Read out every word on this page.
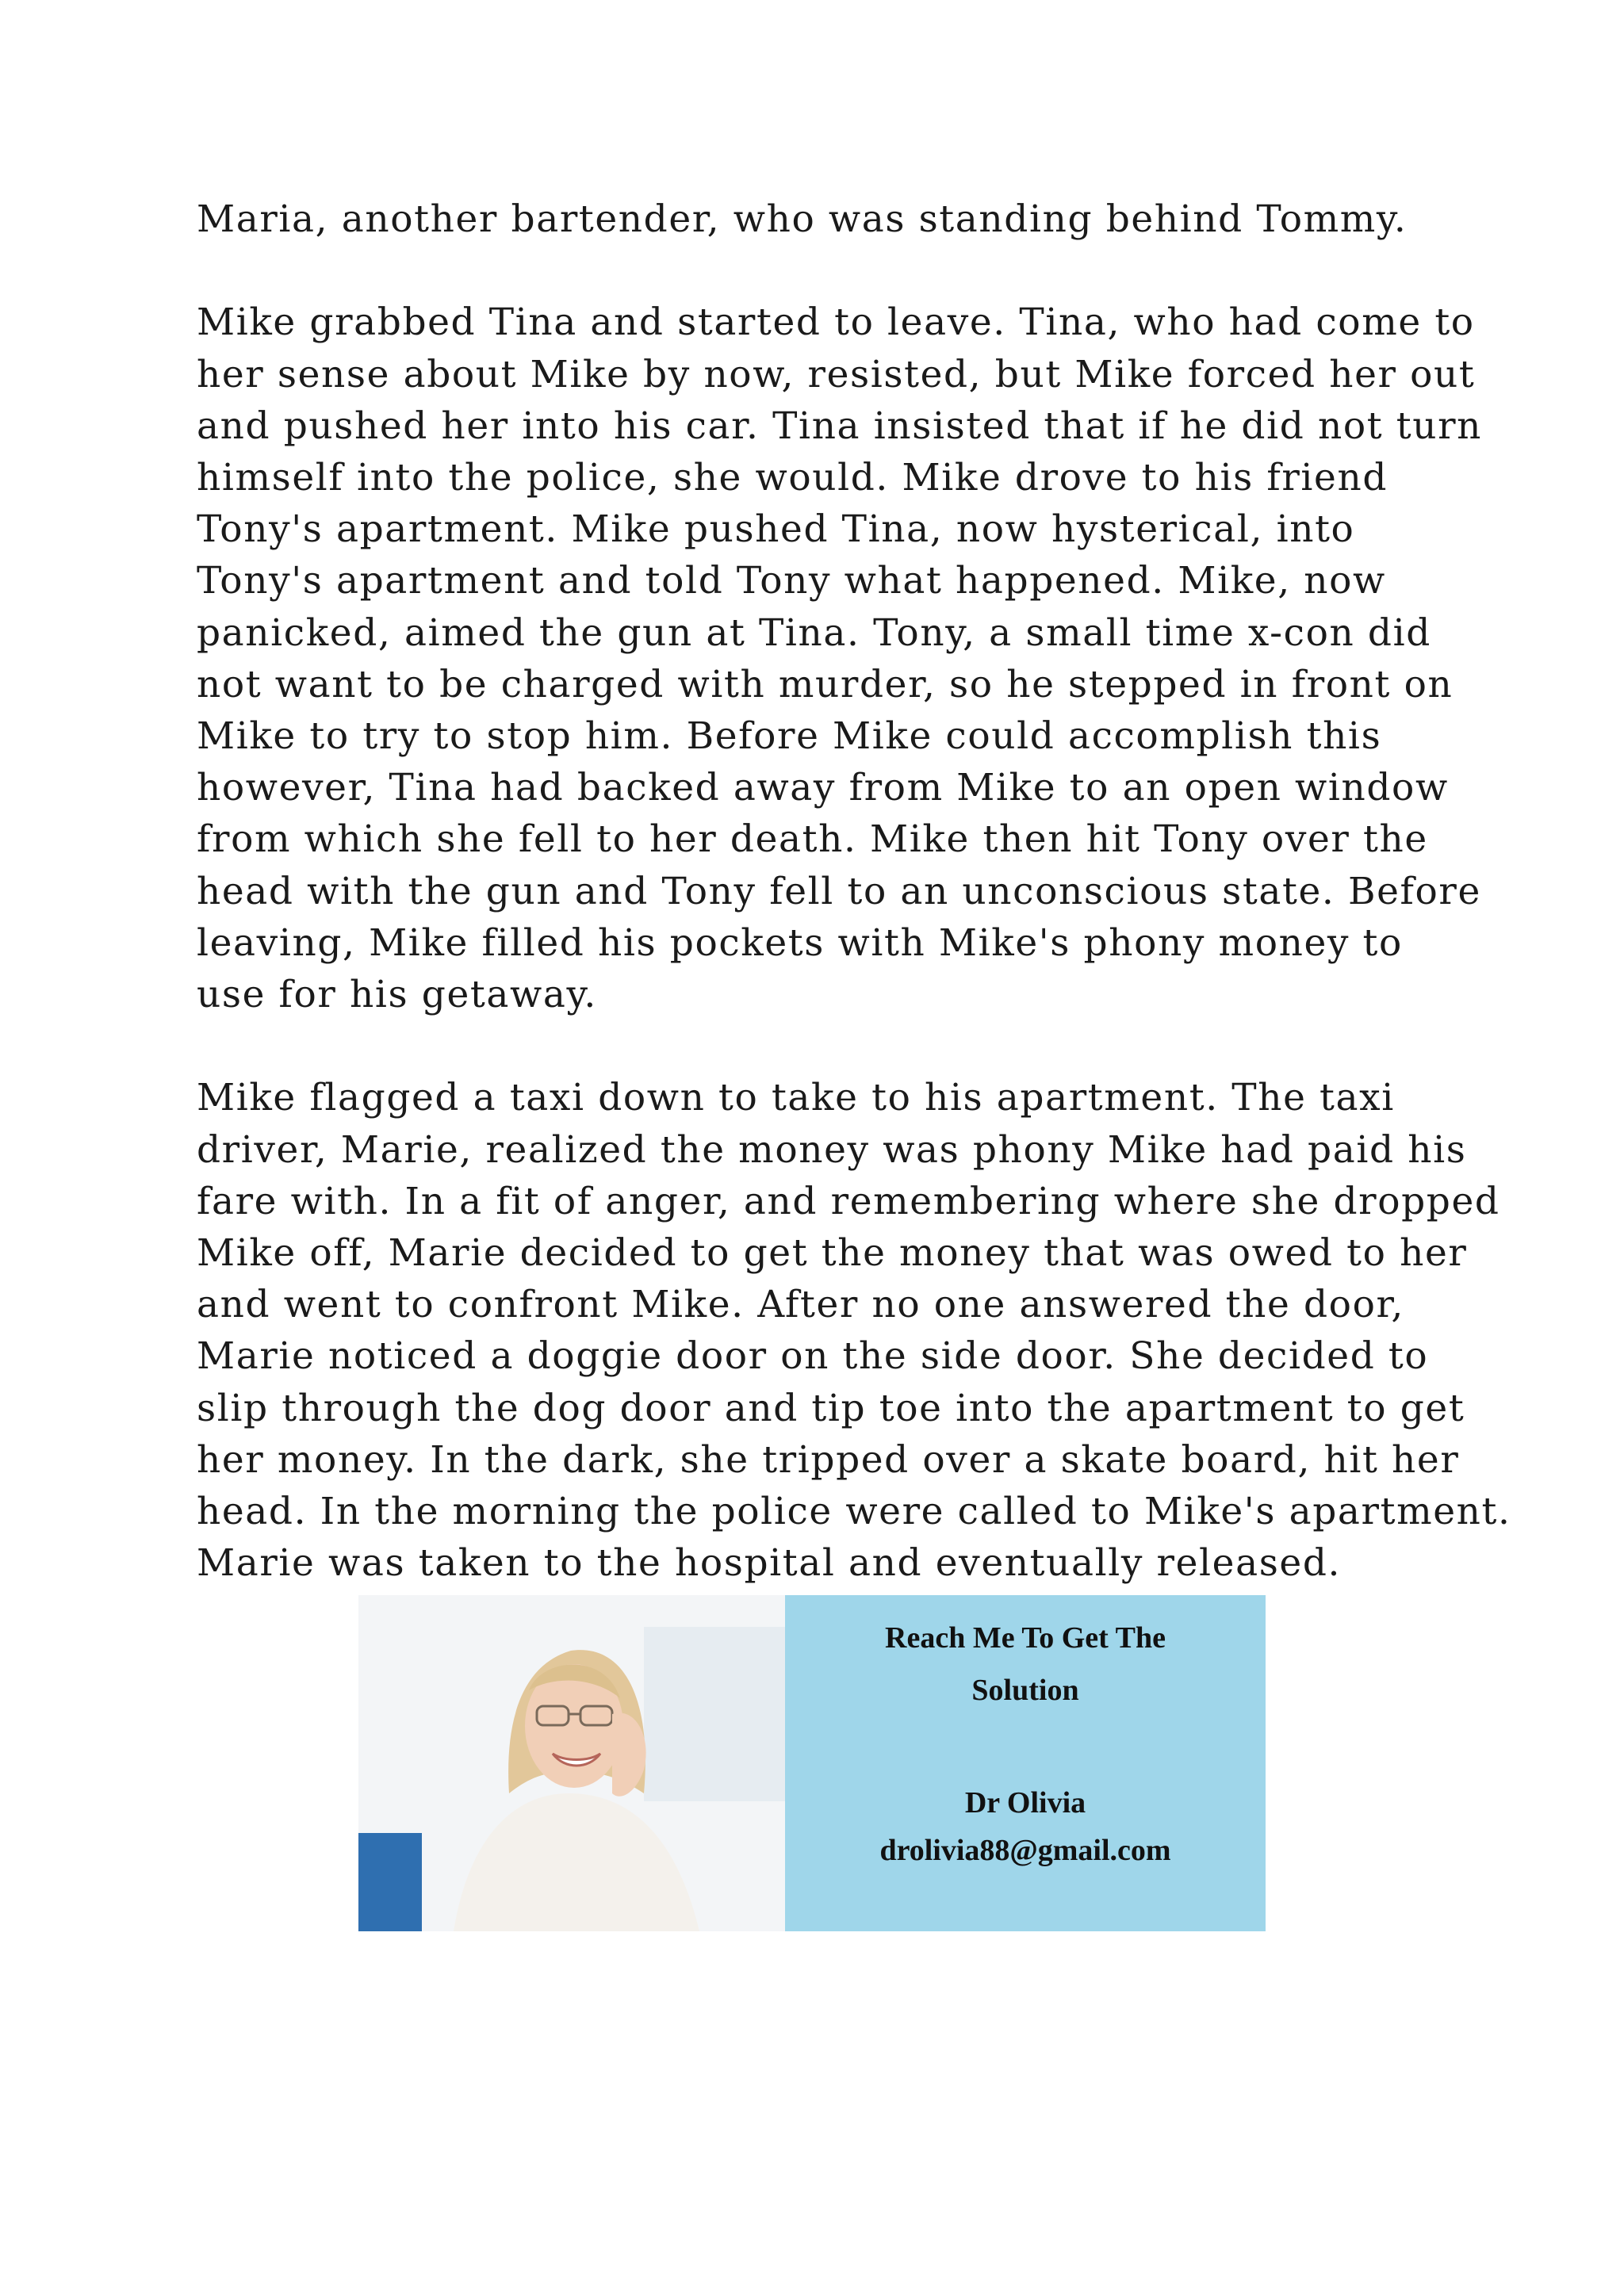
Maria, another bartender, who was standing behind Tommy.
Mike grabbed Tina and started to leave. Tina, who had come to
her sense about Mike by now, resisted, but Mike forced her out
and pushed her into his car. Tina insisted that if he did not turn
himself into the police, she would. Mike drove to his friend
Tony's apartment. Mike pushed Tina, now hysterical, into
Tony's apartment and told Tony what happened. Mike, now
panicked, aimed the gun at Tina. Tony, a small time x-con did
not want to be charged with murder, so he stepped in front on
Mike to try to stop him. Before Mike could accomplish this
however, Tina had backed away from Mike to an open window
from which she fell to her death. Mike then hit Tony over the
head with the gun and Tony fell to an unconscious state. Before
leaving, Mike filled his pockets with Mike's phony money to
use for his getaway.
Mike flagged a taxi down to take to his apartment. The taxi
driver, Marie, realized the money was phony Mike had paid his
fare with. In a fit of anger, and remembering where she dropped
Mike off, Marie decided to get the money that was owed to her
and went to confront Mike. After no one answered the door,
Marie noticed a doggie door on the side door. She decided to
slip through the dog door and tip toe into the apartment to get
her money. In the dark, she tripped over a skate board, hit her
head. In the morning the police were called to Mike's apartment.
Marie was taken to the hospital and eventually released.
Reach Me To Get The
Solution
Dr Olivia
drolivia88@gmail.com
